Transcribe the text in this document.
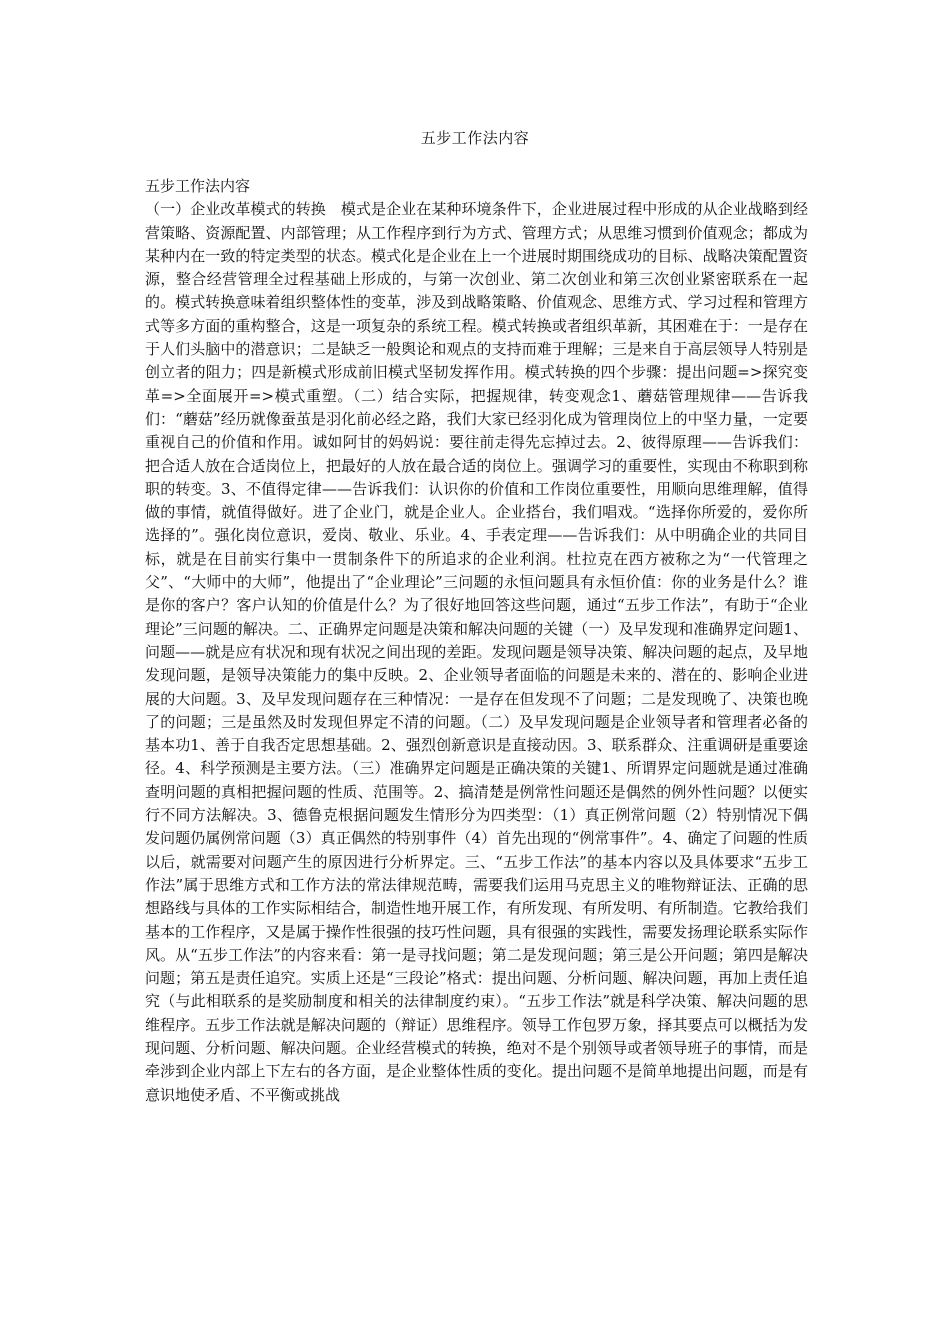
五步工作法内容

五步工作法内容

（一）企业改革模式的转换　模式是企业在某种环境条件下，企业进展过程中形成的从企业战略到经营策略、资源配置、内部管理；从工作程序到行为方式、管理方式；从思维习惯到价值观念；都成为某种内在一致的特定类型的状态。模式化是企业在上一个进展时期围绕成功的目标、战略决策配置资源，整合经营管理全过程基础上形成的，与第一次创业、第二次创业和第三次创业紧密联系在一起的。模式转换意味着组织整体性的变革，涉及到战略策略、价值观念、思维方式、学习过程和管理方式等多方面的重构整合，这是一项复杂的系统工程。模式转换或者组织革新，其困难在于：一是存在于人们头脑中的潜意识；二是缺乏一般舆论和观点的支持而难于理解；三是来自于高层领导人特别是创立者的阻力；四是新模式形成前旧模式坚韧发挥作用。模式转换的四个步骤：提出问题=>探究变革=>全面展开=>模式重塑。（二）结合实际，把握规律，转变观念1、蘑菇管理规律——告诉我们：“蘑菇”经历就像蚕茧是羽化前必经之路，我们大家已经羽化成为管理岗位上的中坚力量，一定要重视自己的价值和作用。诚如阿甘的妈妈说：要往前走得先忘掉过去。2、彼得原理——告诉我们：把合适人放在合适岗位上，把最好的人放在最合适的岗位上。强调学习的重要性，实现由不称职到称职的转变。3、不值得定律——告诉我们：认识你的价值和工作岗位重要性，用顺向思维理解，值得做的事情，就值得做好。进了企业门，就是企业人。企业搭台，我们唱戏。“选择你所爱的，爱你所选择的”。强化岗位意识，爱岗、敬业、乐业。4、手表定理——告诉我们：从中明确企业的共同目标，就是在目前实行集中一贯制条件下的所追求的企业利润。杜拉克在西方被称之为“一代管理之父”、“大师中的大师”，他提出了“企业理论”三问题的永恒问题具有永恒价值：你的业务是什么？谁是你的客户？客户认知的价值是什么？为了很好地回答这些问题，通过“五步工作法”，有助于“企业理论”三问题的解决。二、正确界定问题是决策和解决问题的关键（一）及早发现和准确界定问题1、问题——就是应有状况和现有状况之间出现的差距。发现问题是领导决策、解决问题的起点，及早地发现问题，是领导决策能力的集中反映。2、企业领导者面临的问题是未来的、潜在的、影响企业进展的大问题。3、及早发现问题存在三种情况：一是存在但发现不了问题；二是发现晚了、决策也晚了的问题；三是虽然及时发现但界定不清的问题。（二）及早发现问题是企业领导者和管理者必备的基本功1、善于自我否定思想基础。2、强烈创新意识是直接动因。3、联系群众、注重调研是重要途径。4、科学预测是主要方法。（三）准确界定问题是正确决策的关键1、所谓界定问题就是通过准确查明问题的真相把握问题的性质、范围等。2、搞清楚是例常性问题还是偶然的例外性问题？以便实行不同方法解决。3、德鲁克根据问题发生情形分为四类型：（1）真正例常问题（2）特别情况下偶发问题仍属例常问题（3）真正偶然的特别事件（4）首先出现的“例常事件”。4、确定了问题的性质以后，就需要对问题产生的原因进行分析界定。三、“五步工作法”的基本内容以及具体要求“五步工作法”属于思维方式和工作方法的常法律规范畴，需要我们运用马克思主义的唯物辩证法、正确的思想路线与具体的工作实际相结合，制造性地开展工作，有所发现、有所发明、有所制造。它教给我们基本的工作程序，又是属于操作性很强的技巧性问题，具有很强的实践性，需要发扬理论联系实际作风。从“五步工作法”的内容来看：第一是寻找问题；第二是发现问题；第三是公开问题；第四是解决问题；第五是责任追究。实质上还是“三段论”格式：提出问题、分析问题、解决问题，再加上责任追究（与此相联系的是奖励制度和相关的法律制度约束）。“五步工作法”就是科学决策、解决问题的思维程序。五步工作法就是解决问题的（辩证）思维程序。领导工作包罗万象，择其要点可以概括为发现问题、分析问题、解决问题。企业经营模式的转换，绝对不是个别领导或者领导班子的事情，而是牵涉到企业内部上下左右的各方面，是企业整体性质的变化。提出问题不是简单地提出问题，而是有意识地使矛盾、不平衡或挑战
